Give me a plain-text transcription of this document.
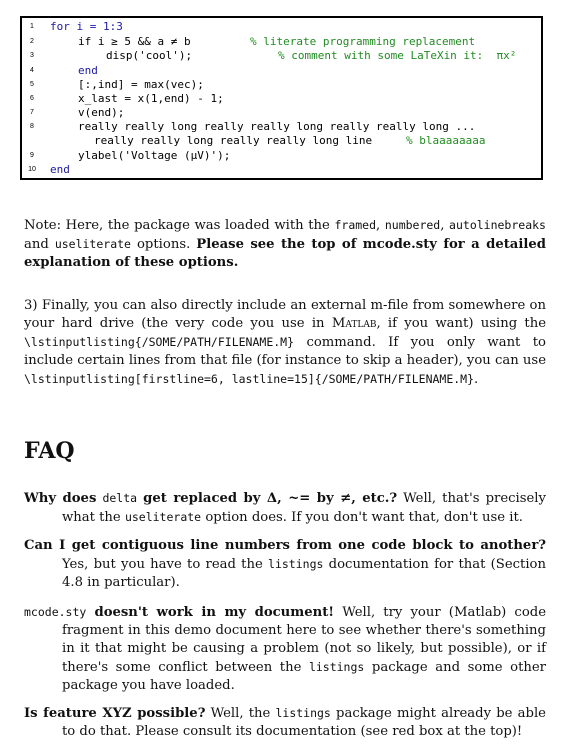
1	for i = 1:3
2	if i ≥ 5 && a ≠ b	% literate programming replacement
3	disp('cool');	% comment with some LaTeXin it:  πx²
4	end
5	[:,ind] = max(vec);
6	x_last = x(1,end) - 1;
7	v(end);
8	really really long really really long really really long ...
really really long really really long line	% blaaaaaaaa
9	ylabel('Voltage (μV)');
10 end
Note: Here, the package was loaded with the framed, numbered, autolinebreaks and useliterate options. Please see the top of mcode.sty for a detailed explanation of these options.
3) Finally, you can also directly include an external m-file from somewhere on your hard drive (the very code you use in Matlab, if you want) using the \lstinputlisting{/SOME/PATH/FILENAME.M} command. If you only want to include certain lines from that file (for instance to skip a header), you can use \lstinputlisting[firstline=6, lastline=15]{/SOME/PATH/FILENAME.M}.
FAQ
Why does delta get replaced by Δ, ~= by ≠, etc.? Well, that's precisely what the useliterate option does. If you don't want that, don't use it.
Can I get contiguous line numbers from one code block to another? Yes, but you have to read the listings documentation for that (Section 4.8 in particular).
mcode.sty doesn't work in my document! Well, try your (Matlab) code fragment in this demo document here to see whether there's something in it that might be causing a problem (not so likely, but possible), or if there's some conflict between the listings package and some other package you have loaded.
Is feature XYZ possible? Well, the listings package might already be able to do that. Please consult its documentation (see red box at the top)!
